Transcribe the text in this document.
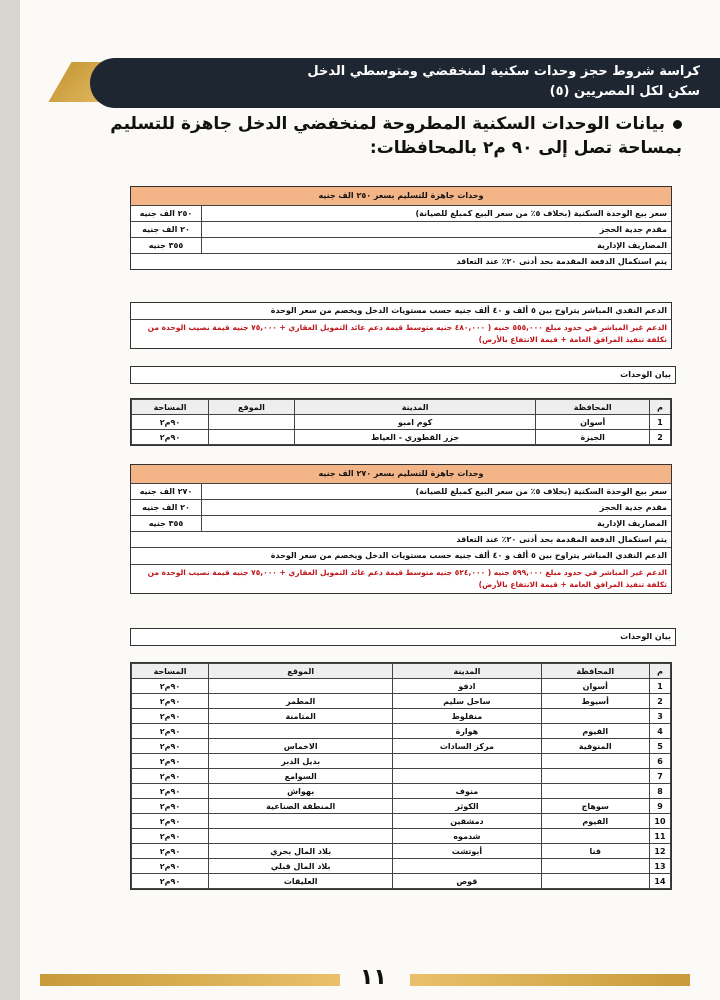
كراسة شروط حجز وحدات سكنية لمنخفضي ومتوسطي الدخل
سكن لكل المصريين (٥)
بيانات الوحدات السكنية المطروحة لمنخفضي الدخل جاهزة للتسليم بمساحة تصل إلى ٩٠ م٢ بالمحافظات:
وحدات جاهزة للتسليم بسعر ٢٥٠ الف جنيه
سعر بيع الوحدة السكنية (بخلاف ٥٪ من سعر البيع كمبلغ للصيانة)
٢٥٠ الف جنيه
مقدم جدية الحجز
٢٠ الف جنيه
المصاريف الإدارية
٣٥٥ جنيه
يتم استكمال الدفعة المقدمة بحد أدنى ٢٠٪ عند التعاقد
الدعم النقدي المباشر يتراوح بين ٥ ألف و ٤٠ ألف جنيه حسب مستويات الدخل ويخصم من سعر الوحدة
الدعم غير المباشر في حدود مبلغ ٥٥٥,٠٠٠ جنيه ( ٤٨٠,٠٠٠ جنيه متوسط قيمة دعم عائد التمويل العقاري + ٧٥,٠٠٠ جنيه قيمة نصيب الوحدة من تكلفة تنفيذ المرافق العامة + قيمة الانتفاع بالأرض)
بيان الوحدات
م	المحافظة	المدينة	الموقع	المساحة
1	أسوان	كوم امبو		٩٠م٢
2	الجيزة	جزر القطوري - العياط		٩٠م٢
وحدات جاهزة للتسليم بسعر ٢٧٠ الف جنيه
سعر بيع الوحدة السكنية (بخلاف ٥٪ من سعر البيع كمبلغ للصيانة)
٢٧٠ الف جنيه
مقدم جدية الحجز
٢٠ الف جنيه
المصاريف الإدارية
٣٥٥ جنيه
يتم استكمال الدفعة المقدمة بحد أدنى ٢٠٪ عند التعاقد
الدعم النقدي المباشر يتراوح بين ٥ ألف و ٤٠ ألف جنيه حسب مستويات الدخل ويخصم من سعر الوحدة
الدعم غير المباشر في حدود مبلغ ٥٩٩,٠٠٠ جنيه ( ٥٢٤,٠٠٠ جنيه متوسط قيمة دعم عائد التمويل العقاري + ٧٥,٠٠٠ جنيه قيمة نصيب الوحدة من تكلفة تنفيذ المرافق العامة + قيمة الانتفاع بالأرض)
بيان الوحدات
م	المحافظة	المدينة	الموقع	المساحة
1	أسوان	ادفو		٩٠م٢
2	أسيوط	ساحل سليم	المطمر	٩٠م٢
3		منفلوط	المتامنة	٩٠م٢
4	الفيوم	هوارة		٩٠م٢
5	المنوفية	مركز السادات	الاخماس	٩٠م٢
6			بديل الدبر	٩٠م٢
7			السوامع	٩٠م٢
8		منوف	بهواش	٩٠م٢
9	سوهاج	الكوثر	المنطقة الصناعية	٩٠م٢
10	الفيوم	دمشقين		٩٠م٢
11		شدموه		٩٠م٢
12	قنا	أبوتشت	بلاد المال بحري	٩٠م٢
13			بلاد المال قبلي	٩٠م٢
14		قوص	العليقات	٩٠م٢
١١
